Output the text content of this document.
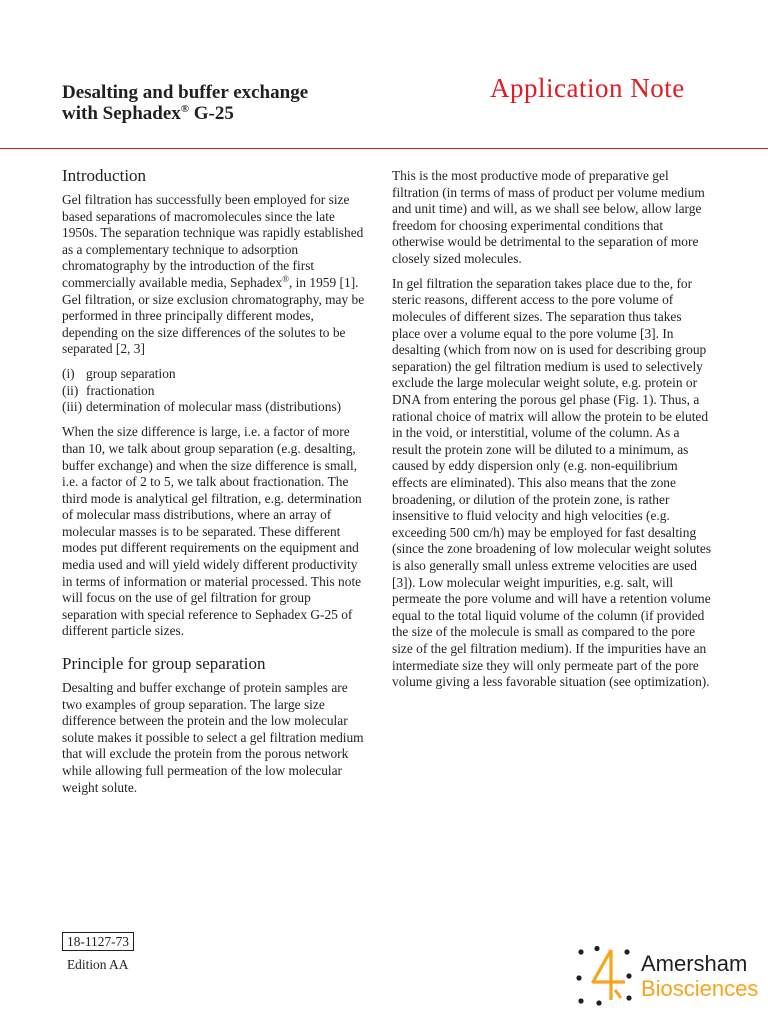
Desalting and buffer exchange
with Sephadex® G-25
Application Note
Introduction

Gel filtration has successfully been employed for size based separations of macromolecules since the late 1950s. The separation technique was rapidly established as a complementary technique to adsorption chromatography by the introduction of the first commercially available media, Sephadex®, in 1959 [1]. Gel filtration, or size exclusion chromatography, may be performed in three principally different modes, depending on the size differences of the solutes to be separated [2, 3]

(i) group separation
(ii) fractionation
(iii) determination of molecular mass (distributions)

When the size difference is large, i.e. a factor of more than 10, we talk about group separation (e.g. desalting, buffer exchange) and when the size difference is small, i.e. a factor of 2 to 5, we talk about fractionation. The third mode is analytical gel filtration, e.g. determination of molecular mass distributions, where an array of molecular masses is to be separated. These different modes put different requirements on the equipment and media used and will yield widely different productivity in terms of information or material processed. This note will focus on the use of gel filtration for group separation with special reference to Sephadex G-25 of different particle sizes.

Principle for group separation

Desalting and buffer exchange of protein samples are two examples of group separation. The large size difference between the protein and the low molecular solute makes it possible to select a gel filtration medium that will exclude the protein from the porous network while allowing full permeation of the low molecular weight solute.

This is the most productive mode of preparative gel filtration (in terms of mass of product per volume medium and unit time) and will, as we shall see below, allow large freedom for choosing experimental conditions that otherwise would be detrimental to the separation of more closely sized molecules.

In gel filtration the separation takes place due to the, for steric reasons, different access to the pore volume of molecules of different sizes. The separation thus takes place over a volume equal to the pore volume [3]. In desalting (which from now on is used for describing group separation) the gel filtration medium is used to selectively exclude the large molecular weight solute, e.g. protein or DNA from entering the porous gel phase (Fig. 1). Thus, a rational choice of matrix will allow the protein to be eluted in the void, or interstitial, volume of the column. As a result the protein zone will be diluted to a minimum, as caused by eddy dispersion only (e.g. non-equilibrium effects are eliminated). This also means that the zone broadening, or dilution of the protein zone, is rather insensitive to fluid velocity and high velocities (e.g. exceeding 500 cm/h) may be employed for fast desalting (since the zone broadening of low molecular weight solutes is also generally small unless extreme velocities are used [3]). Low molecular weight impurities, e.g. salt, will permeate the pore volume and will have a retention volume equal to the total liquid volume of the column (if provided the size of the molecule is small as compared to the pore size of the gel filtration medium). If the impurities have an intermediate size they will only permeate part of the pore volume giving a less favorable situation (see optimization).

18-1127-73
Edition AA	Amersham
Biosciences
